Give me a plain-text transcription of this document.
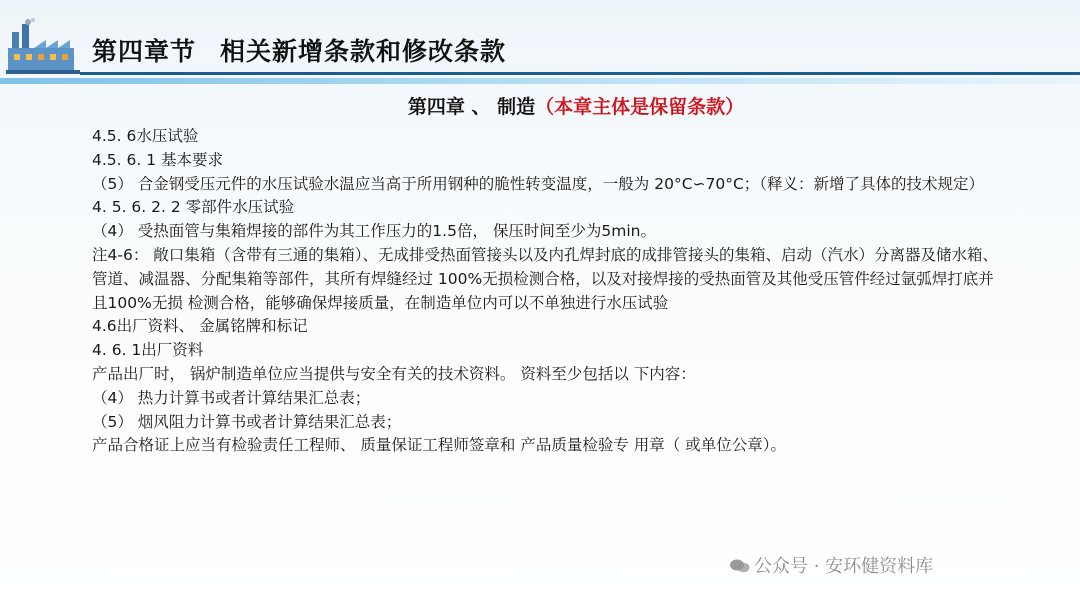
第四章节 相关新增条款和修改条款
第四章 、 制造（本章主体是保留条款）
4.5. 6水压试验
4.5. 6. 1 基本要求
（5） 合金钢受压元件的水压试验水温应当高于所用钢种的脆性转变温度，一般为 20°C∽70°C；（释义：新增了具体的技术规定）
4. 5. 6. 2. 2 零部件水压试验
（4） 受热面管与集箱焊接的部件为其工作压力的1.5倍， 保压时间至少为5min。
注4-6： 敞口集箱（含带有三通的集箱）、无成排受热面管接头以及内孔焊封底的成排管接头的集箱、启动（汽水）分离器及储水箱、管道、减温器、分配集箱等部件，其所有焊缝经过 100%无损检测合格，以及对接焊接的受热面管及其他受压管件经过氩弧焊打底并且100%无损 检测合格，能够确保焊接质量，在制造单位内可以不单独进行水压试验
4.6出厂资料、 金属铭牌和标记
4. 6. 1出厂资料
产品出厂时， 锅炉制造单位应当提供与安全有关的技术资料。 资料至少包括以 下内容：
（4） 热力计算书或者计算结果汇总表；
（5） 烟风阻力计算书或者计算结果汇总表；
产品合格证上应当有检验责任工程师、 质量保证工程师签章和 产品质量检验专 用章（ 或单位公章）。
公众号 · 安环健资料库
